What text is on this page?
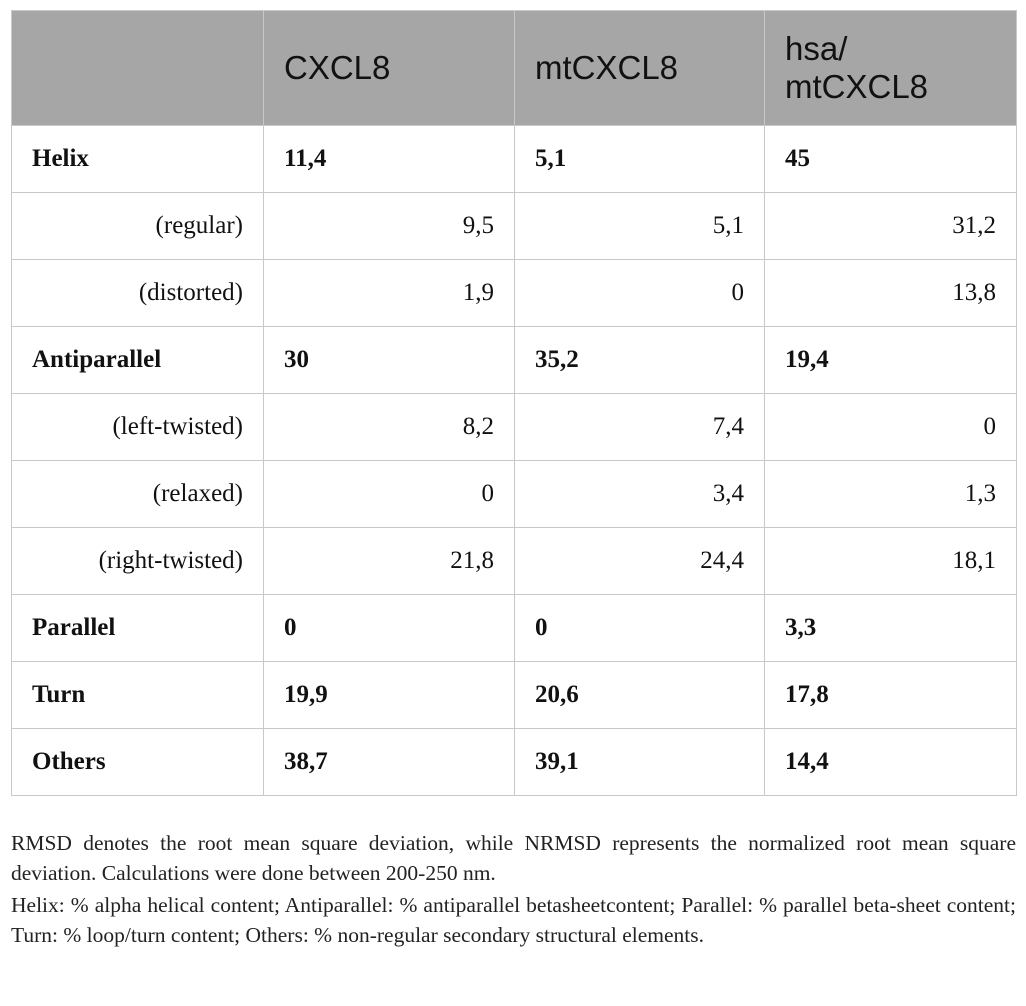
	CXCL8	mtCXCL8	hsa/
mtCXCL8
Helix	11,4	5,1	45
(regular)	9,5	5,1	31,2
(distorted)	1,9	0	13,8
Antiparallel	30	35,2	19,4
(left-twisted)	8,2	7,4	0
(relaxed)	0	3,4	1,3
(right-twisted)	21,8	24,4	18,1
Parallel	0	0	3,3
Turn	19,9	20,6	17,8
Others	38,7	39,1	14,4

RMSD denotes the root mean square deviation, while NRMSD represents the normalized root mean square deviation. Calculations were done between 200-250 nm.

Helix: % alpha helical content; Antiparallel: % antiparallel betasheetcontent; Parallel: % parallel beta-sheet content; Turn: % loop/turn content; Others: % non-regular secondary structural elements.
